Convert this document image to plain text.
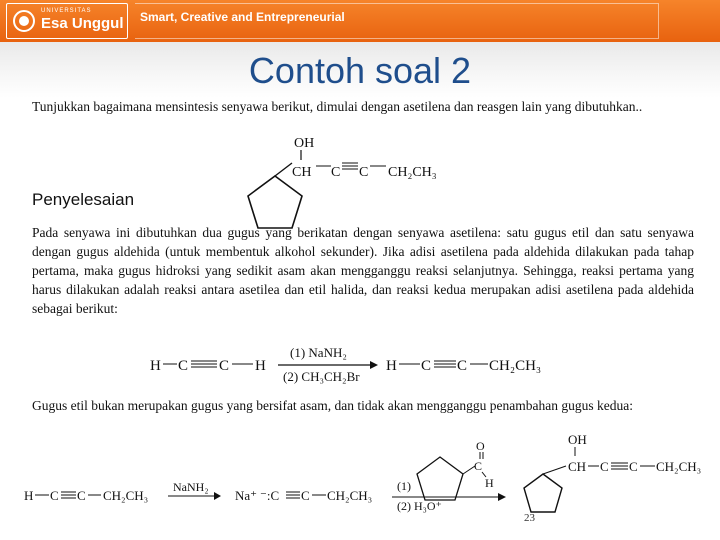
UNIVERSITAS
Esa Unggul Smart, Creative and Entrepreneurial
Contoh soal 2
Tunjukkan bagaimana mensintesis senyawa berikut, dimulai dengan asetilena dan reasgen lain yang dibutuhkan..
Penyelesaian
Pada senyawa ini dibutuhkan dua gugus yang berikatan dengan senyawa asetilena: satu gugus etil dan satu senyawa dengan gugus aldehida (untuk membentuk alkohol sekunder). Jika adisi asetilena pada aldehida dilakukan pada tahap pertama, maka gugus hidroksi yang sedikit asam akan mengganggu reaksi selanjutnya. Sehingga, reaksi pertama yang harus dilakukan adalah reaksi antara asetilea dan etil halida, dan reaksi kedua merupakan adisi asetilena pada aldehida sebagai berikut:
Gugus etil bukan merupakan gugus yang bersifat asam, dan tidak akan mengganggu penambahan gugus kedua:
OH
CH C C CH₂CH₃
H C C H
(1) NaNH₂
(2) CH₃CH₂Br
H C C CH₂CH₃
H C C CH₂CH₃
NaNH₂
Na⁺ ⁻:C C CH₂CH₃
(1)
(2) H₃O⁺
O
C
H
OH
CH C C CH₂CH₃
23
